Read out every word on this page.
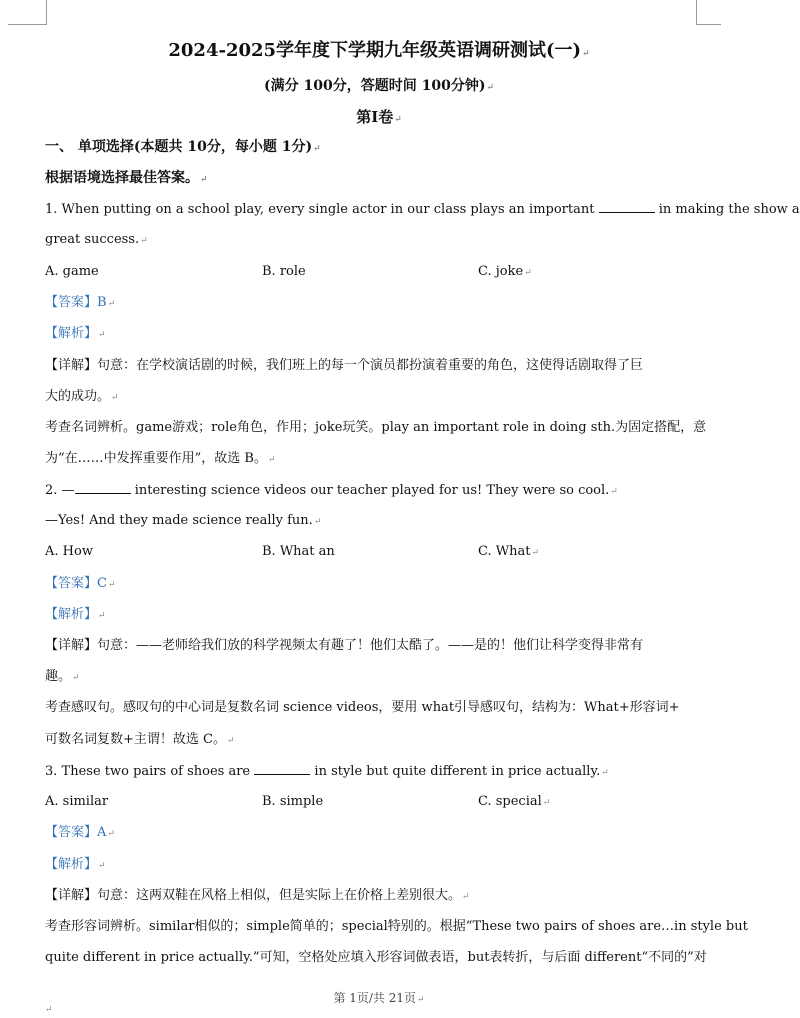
2024-2025学年度下学期九年级英语调研测试(一)↵
(满分 100分，答题时间 100分钟)↵
第Ⅰ卷↵
一、 单项选择(本题共 10分，每小题 1分)↵
根据语境选择最佳答案。↵
1. When putting on a school play, every single actor in our class plays an important	in making the show a
great success.↵
A. game	B. role	C. joke↵
【答案】B↵
【解析】↵
【详解】句意：在学校演话剧的时候，我们班上的每一个演员都扮演着重要的角色，这使得话剧取得了巨
大的成功。↵
考查名词辨析。game游戏；role角色，作用；joke玩笑。play an important role in doing sth.为固定搭配，意
为“在……中发挥重要作用”，故选 B。↵
2. —	interesting science videos our teacher played for us! They were so cool.↵
—Yes! And they made science really fun.↵
A. How	B. What an	C. What↵
【答案】C↵
【解析】↵
【详解】句意：——老师给我们放的科学视频太有趣了！他们太酷了。——是的！他们让科学变得非常有
趣。↵
考查感叹句。感叹句的中心词是复数名词 science videos，要用 what引导感叹句，结构为：What+形容词+
可数名词复数+主谓！故选 C。↵
3. These two pairs of shoes are	in style but quite different in price actually.↵
A. similar	B. simple	C. special↵
【答案】A↵
【解析】↵
【详解】句意：这两双鞋在风格上相似，但是实际上在价格上差别很大。↵
考查形容词辨析。similar相似的；simple简单的；special特别的。根据“These two pairs of shoes are…in style but
quite different in price actually.”可知，空格处应填入形容词做表语，but表转折，与后面 different“不同的”对
第 1页/共 21页↵
↵
